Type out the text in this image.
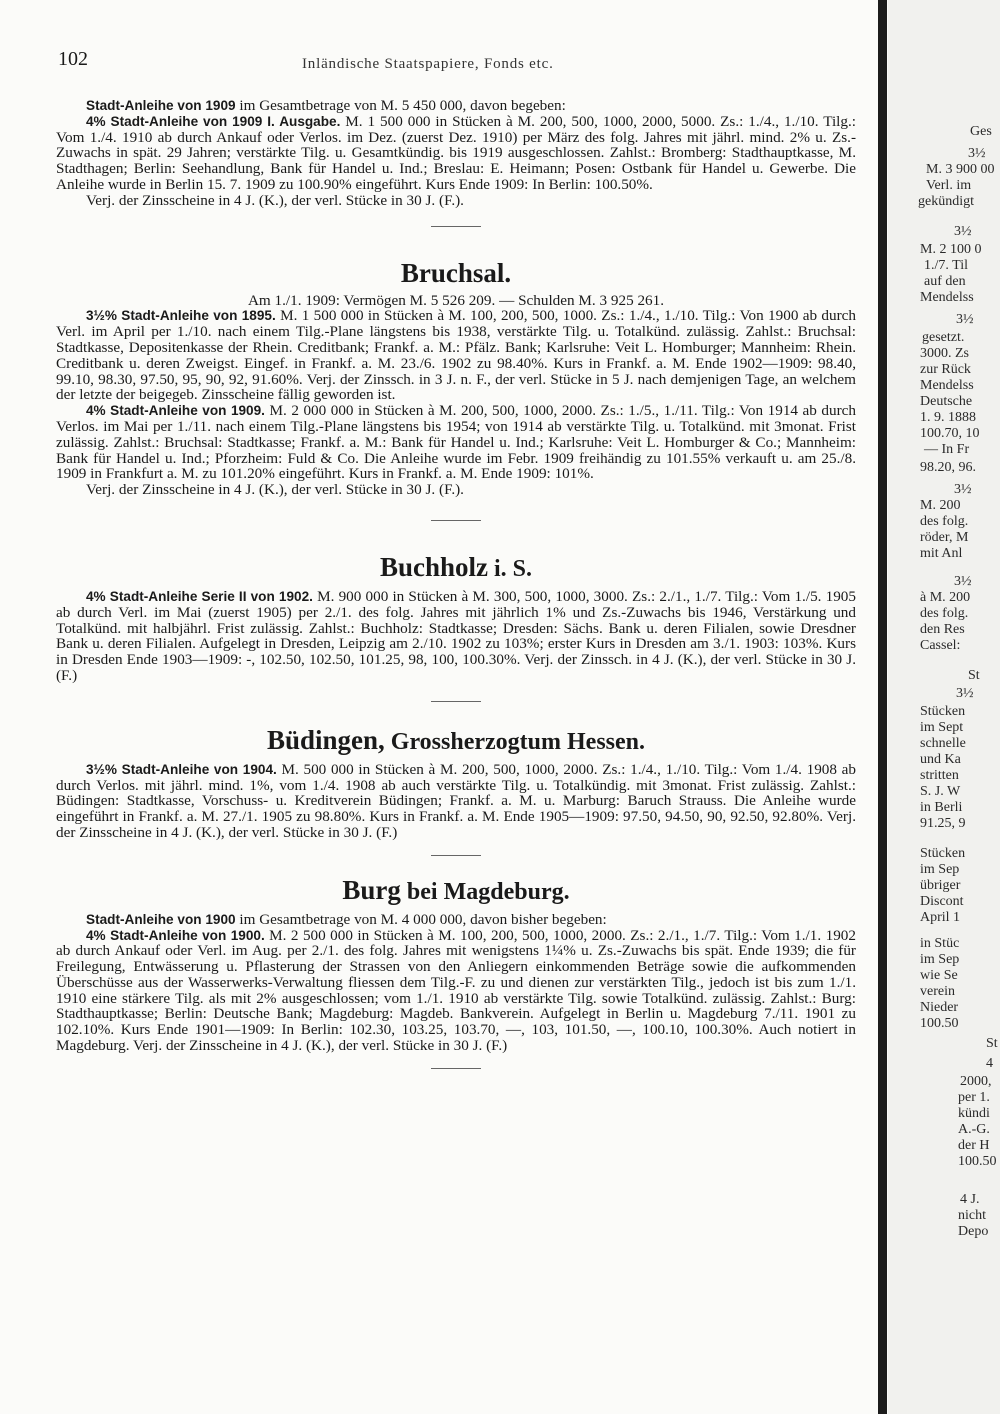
102	Inländische Staatspapiere, Fonds etc.

Stadt-Anleihe von 1909 im Gesamtbetrage von M. 5 450 000, davon begeben:

4% Stadt-Anleihe von 1909 I. Ausgabe. M. 1 500 000 in Stücken à M. 200, 500, 1000, 2000, 5000. Zs.: 1./4., 1./10. Tilg.: Vom 1./4. 1910 ab durch Ankauf oder Verlos. im Dez. (zuerst Dez. 1910) per März des folg. Jahres mit jährl. mind. 2% u. Zs.-Zuwachs in spät. 29 Jahren; verstärkte Tilg. u. Gesamtkündig. bis 1919 ausgeschlossen. Zahlst.: Bromberg: Stadthauptkasse, M. Stadthagen; Berlin: Seehandlung, Bank für Handel u. Ind.; Breslau: E. Heimann; Posen: Ostbank für Handel u. Gewerbe. Die Anleihe wurde in Berlin 15. 7. 1909 zu 100.90% eingeführt. Kurs Ende 1909: In Berlin: 100.50%.

Verj. der Zinsscheine in 4 J. (K.), der verl. Stücke in 30 J. (F.).

Bruchsal.

Am 1./1. 1909: Vermögen M. 5 526 209. — Schulden M. 3 925 261.

3½% Stadt-Anleihe von 1895. M. 1 500 000 in Stücken à M. 100, 200, 500, 1000. Zs.: 1./4., 1./10. Tilg.: Von 1900 ab durch Verl. im April per 1./10. nach einem Tilg.-Plane längstens bis 1938, verstärkte Tilg. u. Totalkünd. zulässig. Zahlst.: Bruchsal: Stadtkasse, Depositenkasse der Rhein. Creditbank; Frankf. a. M.: Pfälz. Bank; Karlsruhe: Veit L. Homburger; Mannheim: Rhein. Creditbank u. deren Zweigst. Eingef. in Frankf. a. M. 23./6. 1902 zu 98.40%. Kurs in Frankf. a. M. Ende 1902—1909: 98.40, 99.10, 98.30, 97.50, 95, 90, 92, 91.60%. Verj. der Zinssch. in 3 J. n. F., der verl. Stücke in 5 J. nach demjenigen Tage, an welchem der letzte der beigegeb. Zinsscheine fällig geworden ist.

4% Stadt-Anleihe von 1909. M. 2 000 000 in Stücken à M. 200, 500, 1000, 2000. Zs.: 1./5., 1./11. Tilg.: Von 1914 ab durch Verlos. im Mai per 1./11. nach einem Tilg.-Plane längstens bis 1954; von 1914 ab verstärkte Tilg. u. Totalkünd. mit 3monat. Frist zulässig. Zahlst.: Bruchsal: Stadtkasse; Frankf. a. M.: Bank für Handel u. Ind.; Karlsruhe: Veit L. Homburger & Co.; Mannheim: Bank für Handel u. Ind.; Pforzheim: Fuld & Co. Die Anleihe wurde im Febr. 1909 freihändig zu 101.55% verkauft u. am 25./8. 1909 in Frankfurt a. M. zu 101.20% eingeführt. Kurs in Frankf. a. M. Ende 1909: 101%.

Verj. der Zinsscheine in 4 J. (K.), der verl. Stücke in 30 J. (F.).

Buchholz i. S.

4% Stadt-Anleihe Serie II von 1902. M. 900 000 in Stücken à M. 300, 500, 1000, 3000. Zs.: 2./1., 1./7. Tilg.: Vom 1./5. 1905 ab durch Verl. im Mai (zuerst 1905) per 2./1. des folg. Jahres mit jährlich 1% und Zs.-Zuwachs bis 1946, Verstärkung und Totalkünd. mit halbjährl. Frist zulässig. Zahlst.: Buchholz: Stadtkasse; Dresden: Sächs. Bank u. deren Filialen, sowie Dresdner Bank u. deren Filialen. Aufgelegt in Dresden, Leipzig am 2./10. 1902 zu 103%; erster Kurs in Dresden am 3./1. 1903: 103%. Kurs in Dresden Ende 1903—1909: -, 102.50, 102.50, 101.25, 98, 100, 100.30%. Verj. der Zinssch. in 4 J. (K.), der verl. Stücke in 30 J. (F.)

Büdingen, Grossherzogtum Hessen.

3½% Stadt-Anleihe von 1904. M. 500 000 in Stücken à M. 200, 500, 1000, 2000. Zs.: 1./4., 1./10. Tilg.: Vom 1./4. 1908 ab durch Verlos. mit jährl. mind. 1%, vom 1./4. 1908 ab auch verstärkte Tilg. u. Totalkündig. mit 3monat. Frist zulässig. Zahlst.: Büdingen: Stadtkasse, Vorschuss- u. Kreditverein Büdingen; Frankf. a. M. u. Marburg: Baruch Strauss. Die Anleihe wurde eingeführt in Frankf. a. M. 27./1. 1905 zu 98.80%. Kurs in Frankf. a. M. Ende 1905—1909: 97.50, 94.50, 90, 92.50, 92.80%. Verj. der Zinsscheine in 4 J. (K.), der verl. Stücke in 30 J. (F.)

Burg bei Magdeburg.

Stadt-Anleihe von 1900 im Gesamtbetrage von M. 4 000 000, davon bisher begeben:

4% Stadt-Anleihe von 1900. M. 2 500 000 in Stücken à M. 100, 200, 500, 1000, 2000. Zs.: 2./1., 1./7. Tilg.: Vom 1./1. 1902 ab durch Ankauf oder Verl. im Aug. per 2./1. des folg. Jahres mit wenigstens 1¼% u. Zs.-Zuwachs bis spät. Ende 1939; die für Freilegung, Entwässerung u. Pflasterung der Strassen von den Anliegern einkommenden Beträge sowie die aufkommenden Überschüsse aus der Wasserwerks-Verwaltung fliessen dem Tilg.-F. zu und dienen zur verstärkten Tilg., jedoch ist bis zum 1./1. 1910 eine stärkere Tilg. als mit 2% ausgeschlossen; vom 1./1. 1910 ab verstärkte Tilg. sowie Totalkünd. zulässig. Zahlst.: Burg: Stadthauptkasse; Berlin: Deutsche Bank; Magdeburg: Magdeb. Bankverein. Aufgelegt in Berlin u. Magdeburg 7./11. 1901 zu 102.10%. Kurs Ende 1901—1909: In Berlin: 102.30, 103.25, 103.70, —, 103, 101.50, —, 100.10, 100.30%. Auch notiert in Magdeburg. Verj. der Zinsscheine in 4 J. (K.), der verl. Stücke in 30 J. (F.)

Ges
3½
M. 3 900 00
Verl. im
gekündigt
3½
M. 2 100 0
1./7. Til
auf den
Mendelss
3½
gesetzt.
3000. Zs
zur Rück
Mendelss
Deutsche
1. 9. 1888
100.70, 10
— In Fr
98.20, 96.
3½
M. 200
des folg.
röder, M
mit Anl
3½
à M. 200
des folg.
den Res
Cassel:
St
3½
Stücken
im Sept
schnelle
und Ka
stritten
S. J. W
in Berli
91.25, 9
Stücken
im Sep
übriger
Discont
April 1
in Stüc
im Sep
wie Se
verein
Nieder
100.50
St
4
2000,
per 1.
kündi
A.-G.
der H
100.50
4 J.
nicht
Depo
